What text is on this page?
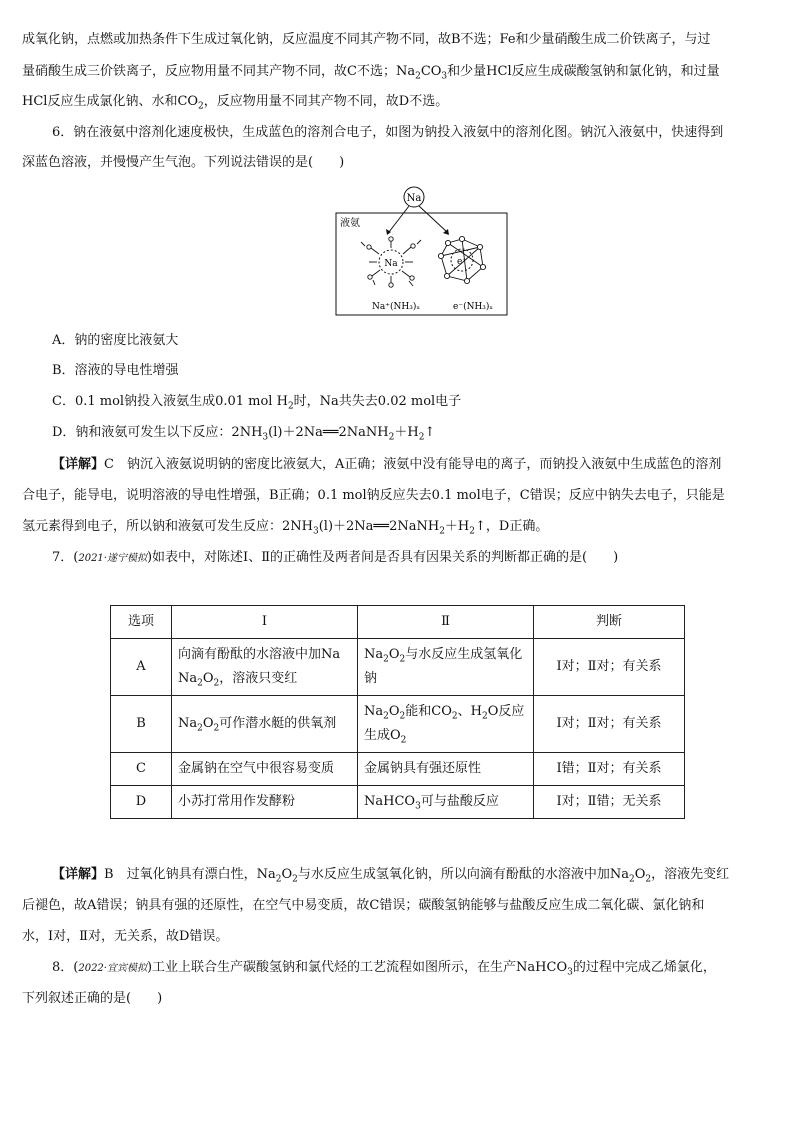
成氧化钠，点燃或加热条件下生成过氧化钠，反应温度不同其产物不同，故B不选；Fe和少量硝酸生成二价铁离子，与过
量硝酸生成三价铁离子，反应物用量不同其产物不同，故C不选；$Na_2CO_3$和少量HCl反应生成碳酸氢钠和氯化钠，和过量
HCl反应生成氯化钠、水和$CO_2$，反应物用量不同其产物不同，故D不选。
6．钠在液氨中溶剂化速度极快，生成蓝色的溶剂合电子，如图为钠投入液氨中的溶剂化图。钠沉入液氨中，快速得到
深蓝色溶液，并慢慢产生气泡。下列说法错误的是(　　)
Na
液氨
Na	e⁻
Na⁺(NH₃)ₓ	e⁻(NH₃)ₓ
A．钠的密度比液氨大
B．溶液的导电性增强
C．0.1 mol钠投入液氨生成0.01 mol $H_2$时，Na共失去0.02 mol电子
D．钠和液氨可发生以下反应：$2NH_3(l)+2Na══2NaNH_2+H_2↑$
【详解】C　钠沉入液氨说明钠的密度比液氨大，A正确；液氨中没有能导电的离子，而钠投入液氨中生成蓝色的溶剂
合电子，能导电，说明溶液的导电性增强，B正确；0.1 mol钠反应失去0.1 mol电子，C错误；反应中钠失去电子，只能是
氢元素得到电子，所以钠和液氨可发生反应：$2NH_3(l)+2Na══2NaNH_2+H_2↑$，D正确。
7．(2021·遂宁模拟)如表中，对陈述Ⅰ、Ⅱ的正确性及两者间是否具有因果关系的判断都正确的是(　　)
选项	Ⅰ	Ⅱ	判断
A	向滴有酚酞的水溶液中加Na
$Na_2O_2$，溶液只变红	$Na_2O_2$与水反应生成氢氧化钠	Ⅰ对；Ⅱ对；有关系
B	$Na_2O_2$可作潜水艇的供氧剂	$Na_2O_2$能和$CO_2$、$H_2O$反应生成$O_2$	Ⅰ对；Ⅱ对；有关系
C	金属钠在空气中很容易变质	金属钠具有强还原性	Ⅰ错；Ⅱ对；有关系
D	小苏打常用作发酵粉	NaHCO$_3$可与盐酸反应	Ⅰ对；Ⅱ错；无关系
【详解】B　过氧化钠具有漂白性，$Na_2O_2$与水反应生成氢氧化钠，所以向滴有酚酞的水溶液中加$Na_2O_2$，溶液先变红
后褪色，故A错误；钠具有强的还原性，在空气中易变质，故C错误；碳酸氢钠能够与盐酸反应生成二氧化碳、氯化钠和
水，Ⅰ对，Ⅱ对，无关系，故D错误。
8．(2022·宜宾模拟)工业上联合生产碳酸氢钠和氯代烃的工艺流程如图所示，在生产NaHCO$_3$的过程中完成乙烯氯化，
下列叙述正确的是(　　)
